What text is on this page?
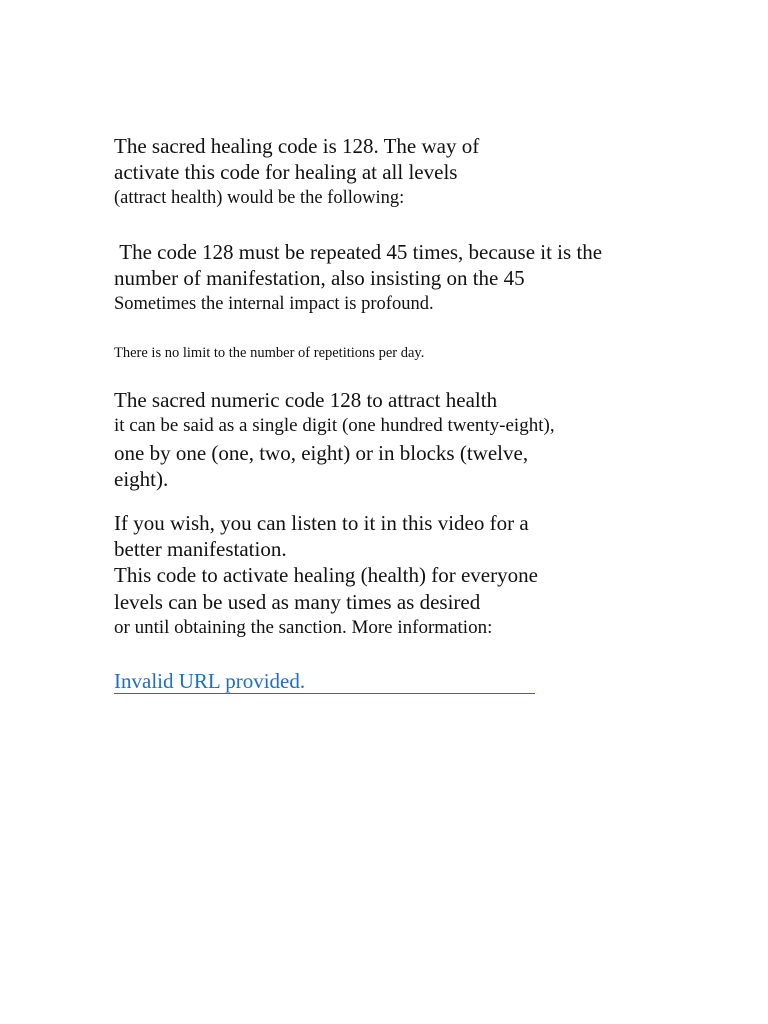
The sacred healing code is 128. The way of

activate this code for healing at all levels

(attract health) would be the following:

The code 128 must be repeated 45 times, because it is the

number of manifestation, also insisting on the 45

Sometimes the internal impact is profound.

There is no limit to the number of repetitions per day.

The sacred numeric code 128 to attract health

it can be said as a single digit (one hundred twenty-eight),

one by one (one, two, eight) or in blocks (twelve,

eight).

If you wish, you can listen to it in this video for a

better manifestation.

This code to activate healing (health) for everyone

levels can be used as many times as desired

or until obtaining the sanction. More information:

Invalid URL provided.
